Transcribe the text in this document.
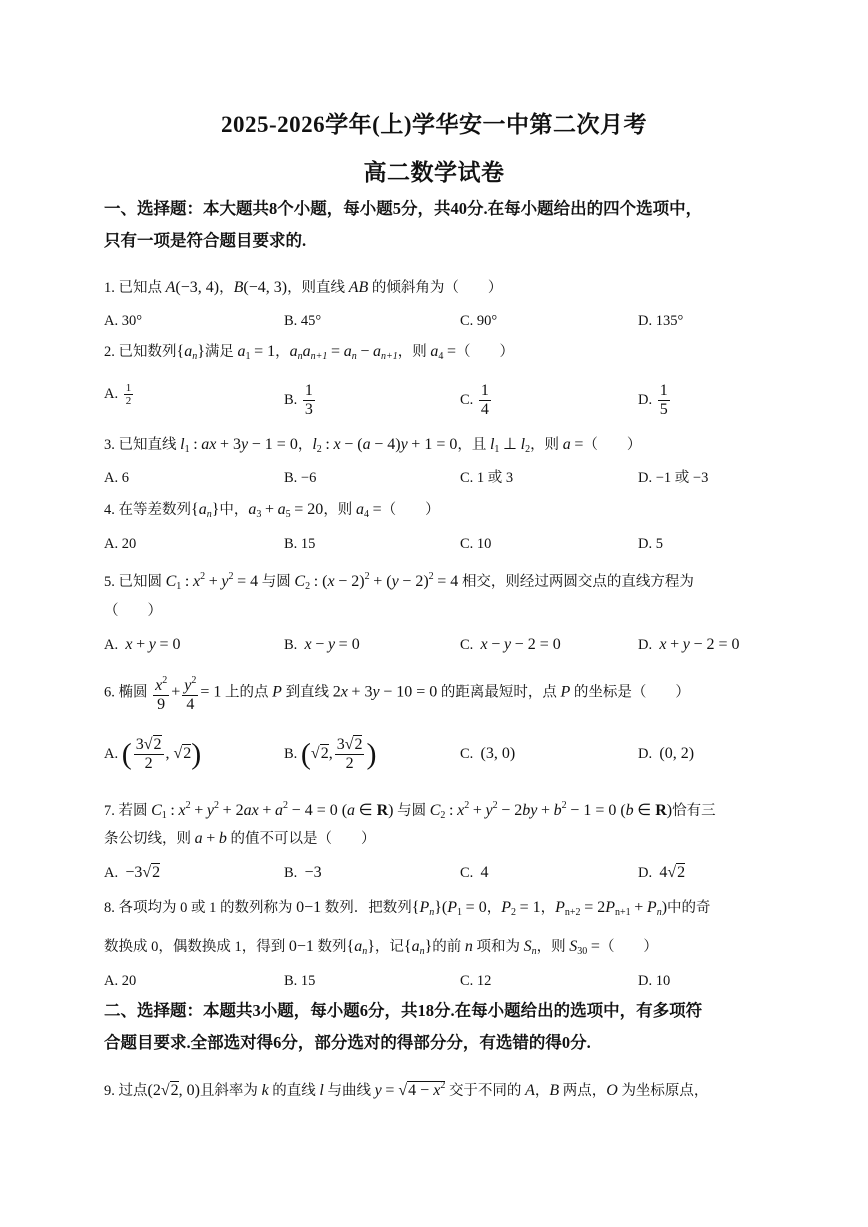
2025-2026学年(上)学华安一中第二次月考
高二数学试卷
一、选择题：本大题共8个小题，每小题5分，共40分.在每小题给出的四个选项中，
只有一项是符合题目要求的.
1. 已知点 A(−3, 4)，B(−4, 3)，则直线 AB 的倾斜角为（　　）
A. 30°	B. 45°	C. 90°	D. 135°
2. 已知数列$\{a_n\}$满足 $a_1 = 1$，$a_na_{n+1} = a_n - a_{n+1}$，则 $a_4$ =（　　）
A. $\frac{1}{2}$	B. $\frac{1}{3}$	C. $\frac{1}{4}$	D. $\frac{1}{5}$
3. 已知直线 $l_1$ : ax + 3y − 1 = 0，$l_2$ : x − (a − 4)y + 1 = 0，且 $l_1$ ⊥ $l_2$，则 a =（　　）
A. 6	B. −6	C. 1 或 3	D. −1 或 −3
4. 在等差数列$\{a_n\}$中，$a_3 + a_5 = 20$，则 $a_4$ =（　　）
A. 20	B. 15	C. 10	D. 5
5. 已知圆 $C_1$ : $x^2 + y^2 = 4$ 与圆 $C_2$ : $(x - 2)^2 + (y - 2)^2 = 4$ 相交，则经过两圆交点的直线方程为
（　　）
A.  x + y = 0	B.  x − y = 0	C.  x − y − 2 = 0	D.  x + y − 2 = 0
6. 椭圆 $\frac{x^2}{9} + \frac{y^2}{4} = 1$ 上的点 P 到直线 2x + 3y − 10 = 0 的距离最短时，点 P 的坐标是（　　）
A. ( $\frac{3√2}{2}$ , √2)	B. (√2, $\frac{3√2}{2}$ )	C.  (3, 0)	D.  (0, 2)
7. 若圆 $C_1$ : $x^2 + y^2 + 2ax + a^2 - 4 = 0$ (a ∈ R) 与圆 $C_2$ : $x^2 + y^2 - 2by + b^2 - 1 = 0$ (b ∈ R)恰有三
条公切线，则 a + b 的值不可以是（　　）
A.  −3√2	B.  −3	C.  4	D.  4√2
8. 各项均为 0 或 1 的数列称为 0−1 数列．把数列$\{P_n\}(P_1 = 0$，$P_2 = 1$，$P_{n+2} = 2P_{n+1} + P_n$)中的奇
数换成 0，偶数换成 1，得到 0−1 数列$\{a_n\}$，记$\{a_n\}$的前 n 项和为 $S_n$，则 $S_{30}$ =（　　）
A. 20	B. 15	C. 12	D. 10
二、选择题：本题共3小题，每小题6分，共18分.在每小题给出的选项中，有多项符
合题目要求.全部选对得6分，部分选对的得部分分，有选错的得0分.
9. 过点(2√2, 0)且斜率为 k 的直线 l 与曲线 $y = √4 - x^2$ 交于不同的 A，B 两点，O 为坐标原点，
